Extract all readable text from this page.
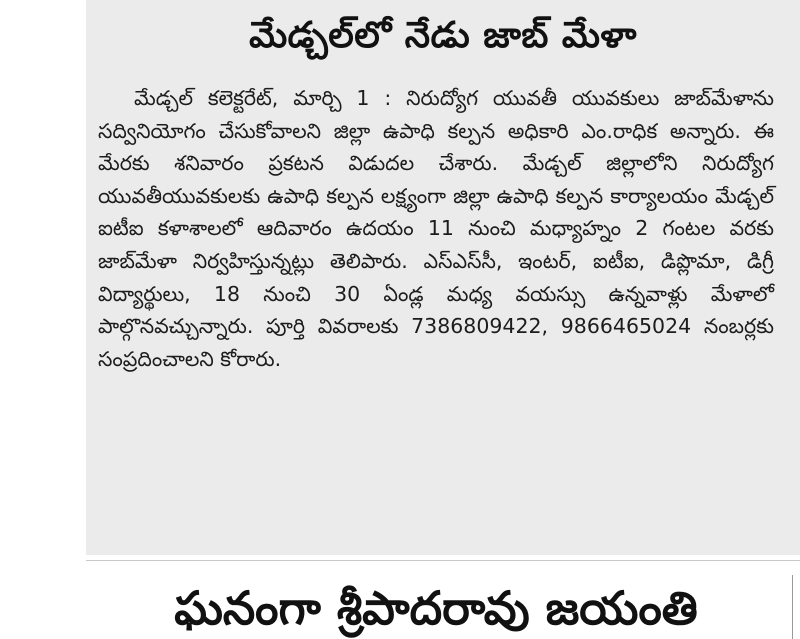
మేడ్చల్‌లో నేడు జాబ్ మేళా
మేడ్చల్ కలెక్టరేట్, మార్చి 1 : నిరుద్యోగ యువతీ యువకులు జాబ్‌మేళాను సద్వినియోగం చేసుకోవాలని జిల్లా ఉపాధి కల్పన అధికారి ఎం.రాధిక అన్నారు. ఈ మేరకు శనివారం ప్రకటన విడుదల చేశారు. మేడ్చల్ జిల్లాలోని నిరుద్యోగ యువతీయువకులకు ఉపాధి కల్పన లక్ష్యంగా జిల్లా ఉపాధి కల్పన కార్యాలయం మేడ్చల్ ఐటీఐ కళాశాలలో ఆదివారం ఉదయం 11 నుంచి మధ్యాహ్నం 2 గంటల వరకు జాబ్‌మేళా నిర్వహిస్తున్నట్లు తెలిపారు. ఎస్ఎస్‌సీ, ఇంటర్, ఐటీఐ, డిప్లొమా, డిగ్రీ విద్యార్థులు, 18 నుంచి 30 ఏండ్ల మధ్య వయస్సు ఉన్నవాళ్లు మేళాలో పాల్గొనవచ్చున్నారు. పూర్తి వివరాలకు 7386809422, 9866465024 నంబర్లకు సంప్రదించాలని కోరారు.
ఘనంగా శ్రీపాదరావు జయంతి
